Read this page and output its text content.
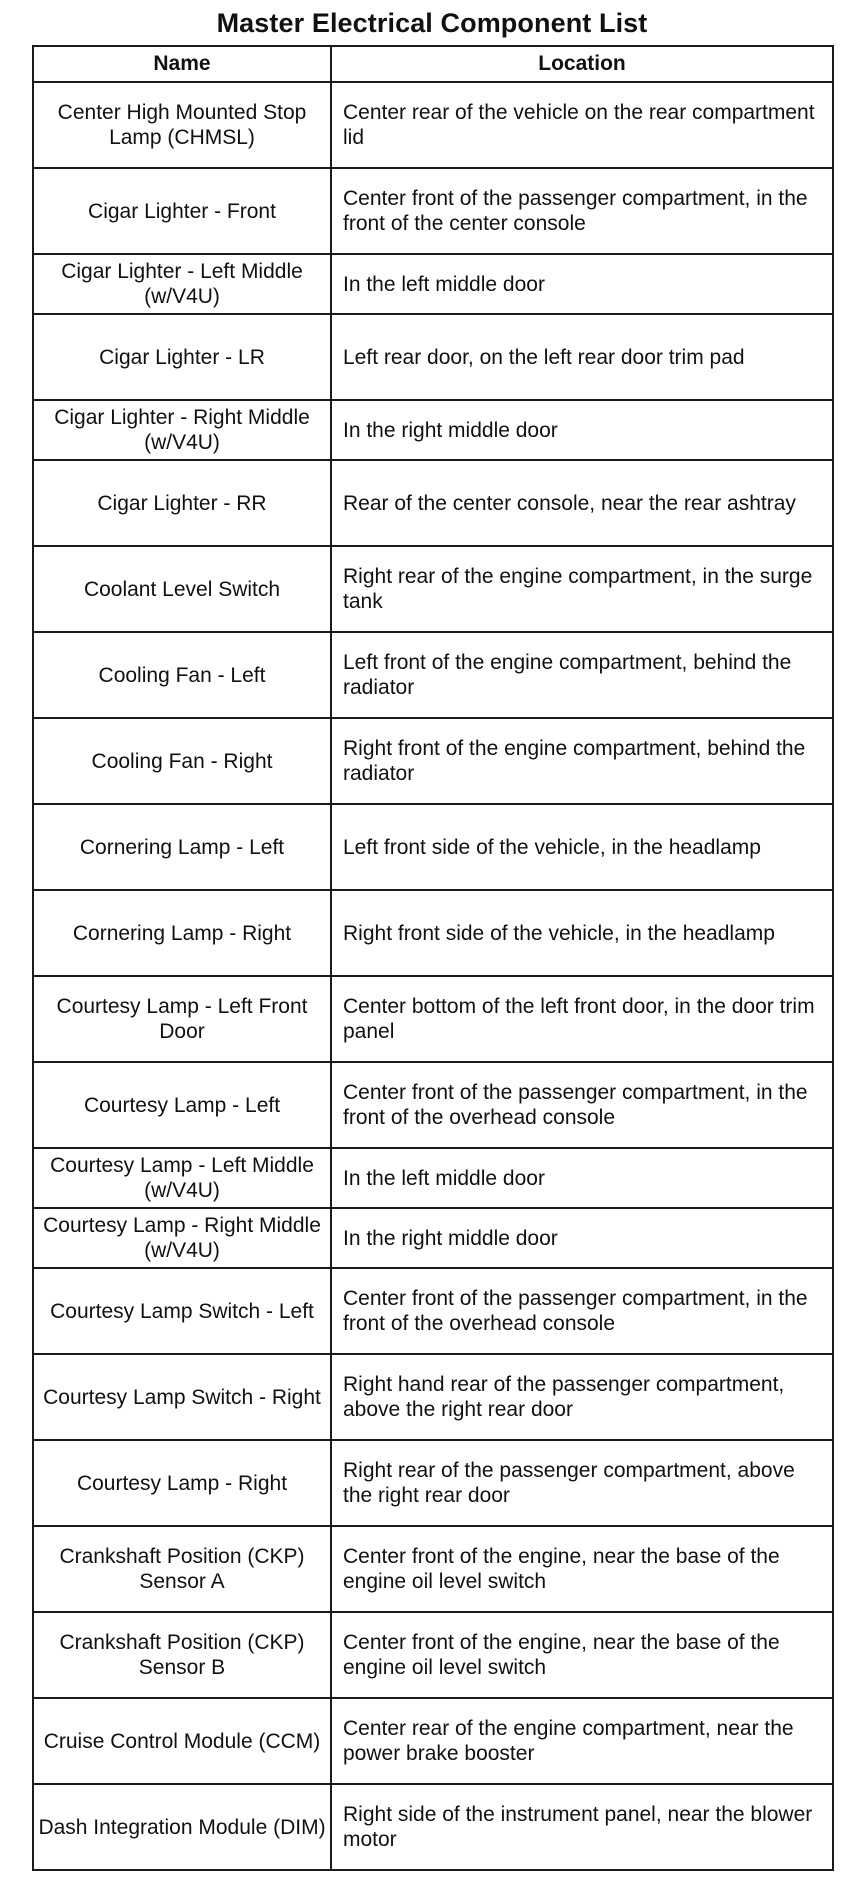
Master Electrical Component List
Name	Location
Center High Mounted Stop Lamp (CHMSL)	Center rear of the vehicle on the rear compartment lid
Cigar Lighter - Front	Center front of the passenger compartment, in the front of the center console
Cigar Lighter - Left Middle (w/V4U)	In the left middle door
Cigar Lighter - LR	Left rear door, on the left rear door trim pad
Cigar Lighter - Right Middle (w/V4U)	In the right middle door
Cigar Lighter - RR	Rear of the center console, near the rear ashtray
Coolant Level Switch	Right rear of the engine compartment, in the surge tank
Cooling Fan - Left	Left front of the engine compartment, behind the radiator
Cooling Fan - Right	Right front of the engine compartment, behind the radiator
Cornering Lamp - Left	Left front side of the vehicle, in the headlamp
Cornering Lamp - Right	Right front side of the vehicle, in the headlamp
Courtesy Lamp - Left Front Door	Center bottom of the left front door, in the door trim panel
Courtesy Lamp - Left	Center front of the passenger compartment, in the front of the overhead console
Courtesy Lamp - Left Middle (w/V4U)	In the left middle door
Courtesy Lamp - Right Middle (w/V4U)	In the right middle door
Courtesy Lamp Switch - Left	Center front of the passenger compartment, in the front of the overhead console
Courtesy Lamp Switch - Right	Right hand rear of the passenger compartment, above the right rear door
Courtesy Lamp - Right	Right rear of the passenger compartment, above the right rear door
Crankshaft Position (CKP) Sensor A	Center front of the engine, near the base of the engine oil level switch
Crankshaft Position (CKP) Sensor B	Center front of the engine, near the base of the engine oil level switch
Cruise Control Module (CCM)	Center rear of the engine compartment, near the power brake booster
Dash Integration Module (DIM)	Right side of the instrument panel, near the blower motor
